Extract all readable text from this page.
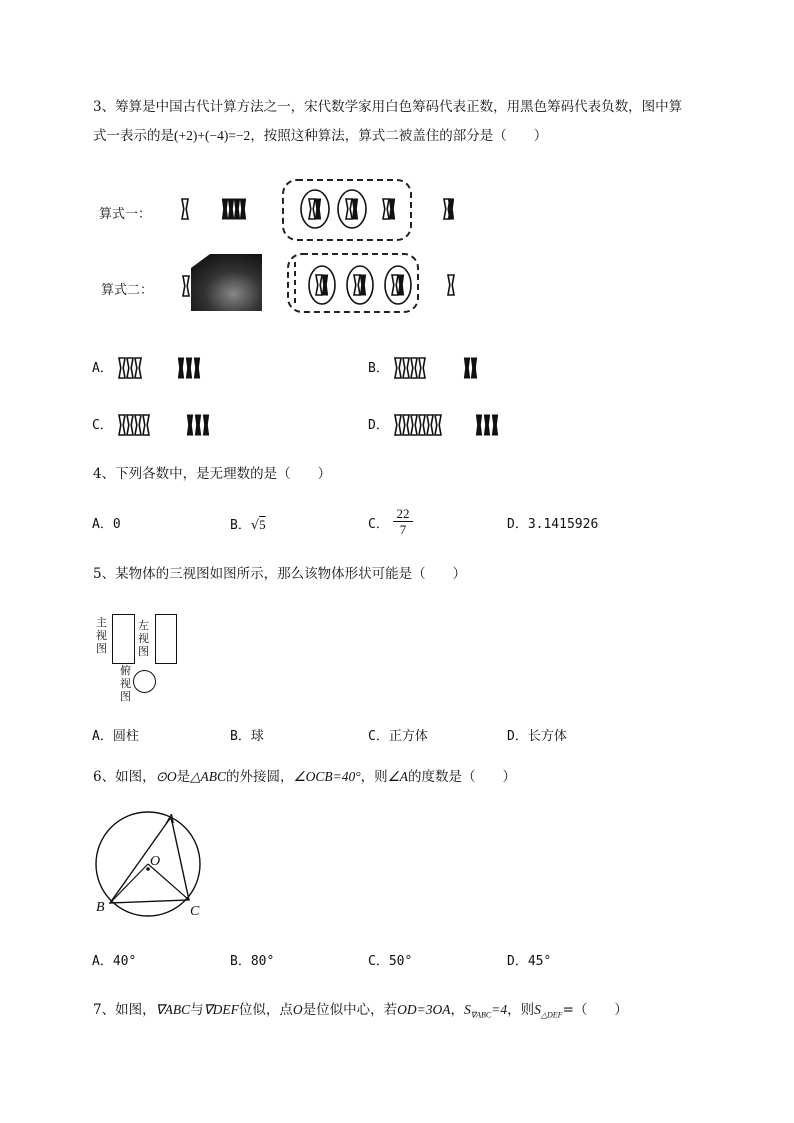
3、筹算是中国古代计算方法之一，宋代数学家用白色筹码代表正数，用黑色筹码代表负数，图中算
式一表示的是(+2)+(−4)=−2，按照这种算法，算式二被盖住的部分是（　　）
算式一：
算式二：
A．	B．
C．	D．
4、下列各数中，是无理数的是（　　）
A．0	B．√5	C．
22
7	D．3.1415926
5、某物体的三视图如图所示，那么该物体形状可能是（　　）
主
视
图
左
视
图
俯
视
图
A．圆柱	B．球	C．正方体	D．长方体
6、如图，⊙O是△ABC的外接圆，∠OCB=40°，则∠A的度数是（　　）
A
O
B	C
A．40°	B．80°	C．50°	D．45°
7、如图，∇ABC与∇DEF位似，点O是位似中心，若OD=3OA，$S_{\nabla ABC}=4$，则$S_{\triangle DEF}=$（　　）
